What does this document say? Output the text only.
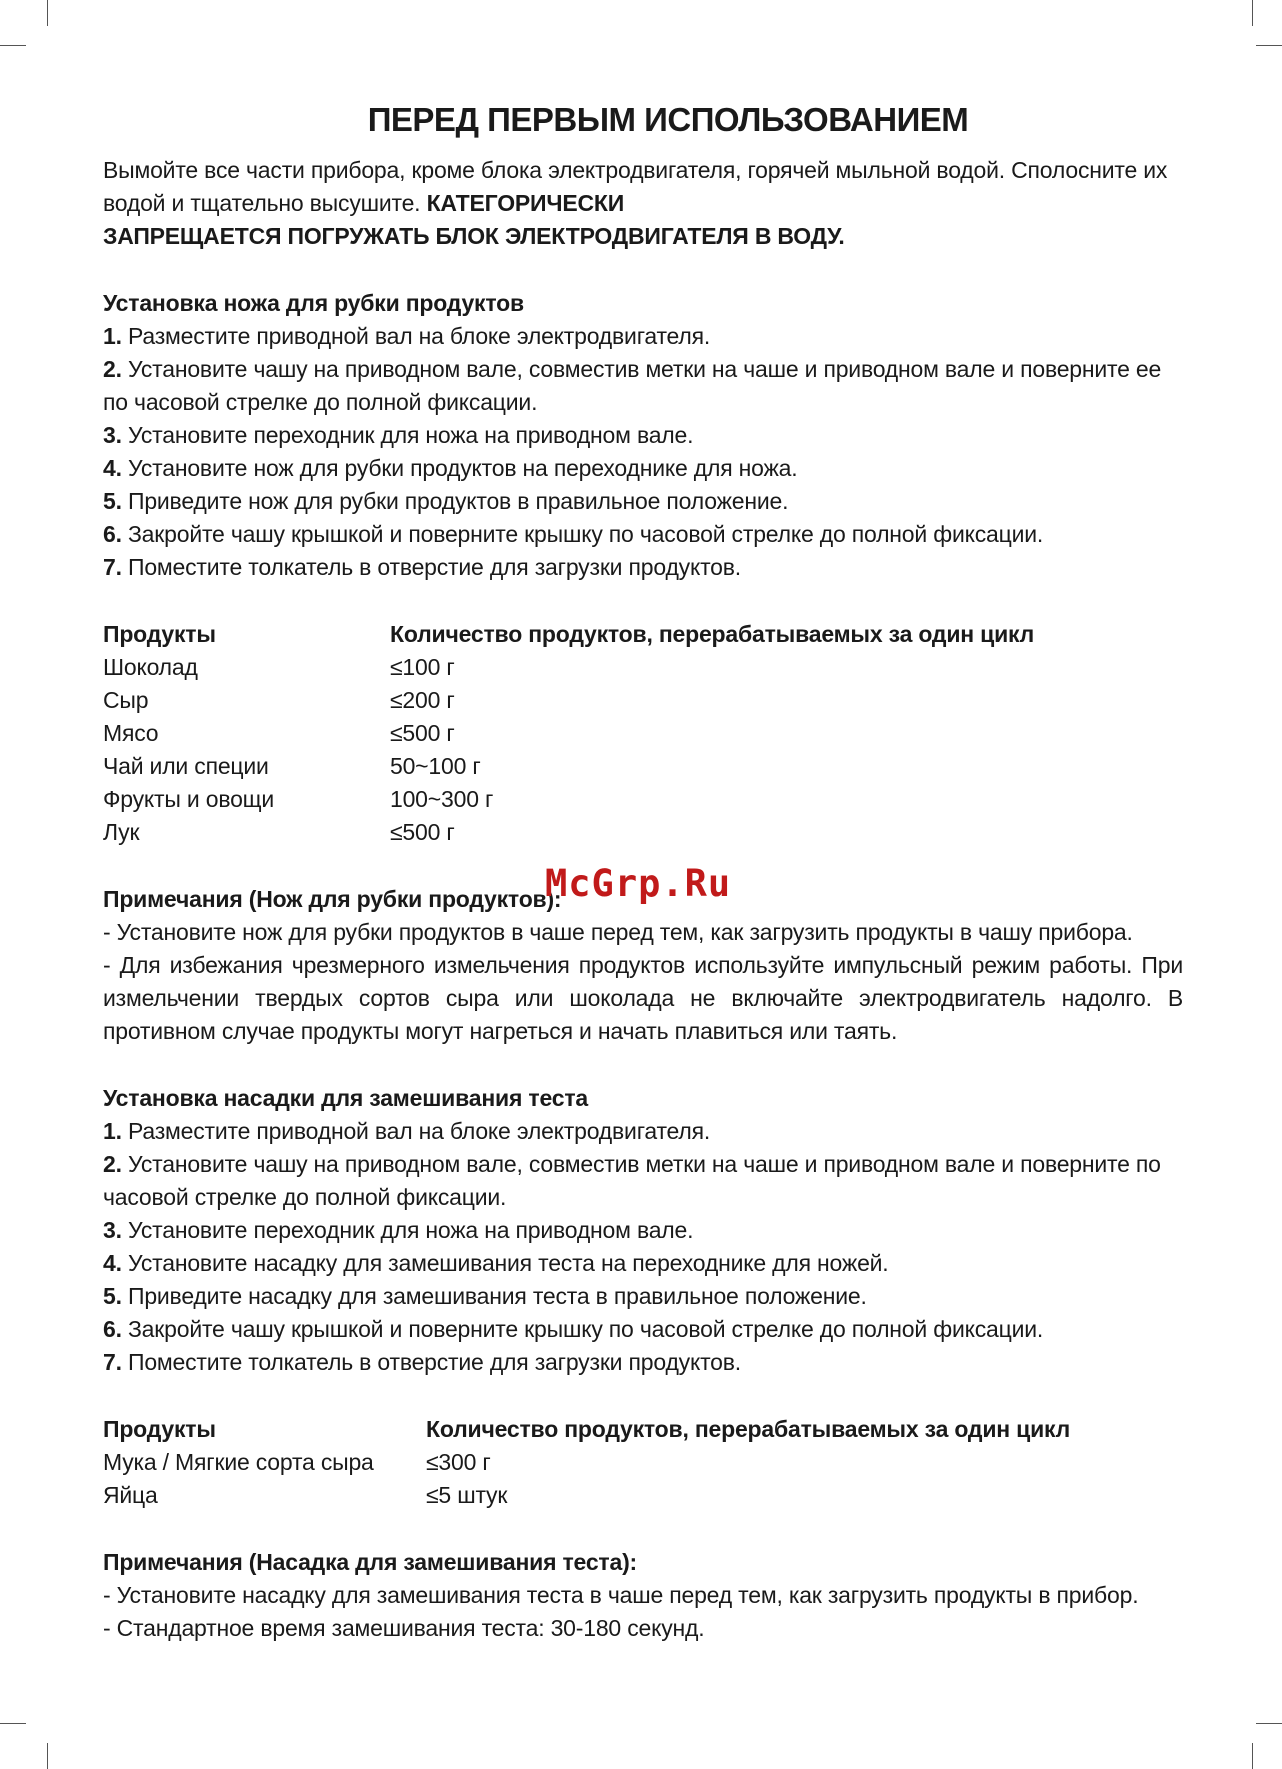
ПЕРЕД ПЕРВЫМ ИСПОЛЬЗОВАНИЕМ

Вымойте все части прибора, кроме блока электродвигателя, горячей мыльной водой. Сполосните их водой и тщательно высушите. КАТЕГОРИЧЕСКИ

ЗАПРЕЩАЕТСЯ ПОГРУЖАТЬ БЛОК ЭЛЕКТРОДВИГАТЕЛЯ В ВОДУ.

Установка ножа для рубки продуктов

1. Разместите приводной вал на блоке электродвигателя.

2. Установите чашу на приводном вале, совместив метки на чаше и приводном вале и поверните ее по часовой стрелке до полной фиксации.

3. Установите переходник для ножа на приводном вале.

4. Установите нож для рубки продуктов на переходнике для ножа.

5. Приведите нож для рубки продуктов в правильное положение.

6. Закройте чашу крышкой и поверните крышку по часовой стрелке до полной фиксации.

7. Поместите толкатель в отверстие для загрузки продуктов.

Продукты	Количество продуктов, перерабатываемых за один цикл
Шоколад	≤100 г
Сыр	≤200 г
Мясо	≤500 г
Чай или специи	50~100 г
Фрукты и овощи	100~300 г
Лук	≤500 г

Примечания (Нож для рубки продуктов):

- Установите нож для рубки продуктов в чаше перед тем, как загрузить продукты в чашу прибора.

- Для избежания чрезмерного измельчения продуктов используйте импульсный режим работы. При измельчении твердых сортов сыра или шоколада не включайте электродвигатель надолго. В противном случае продукты могут нагреться и начать плавиться или таять.

Установка насадки для замешивания теста

1. Разместите приводной вал на блоке электродвигателя.

2. Установите чашу на приводном вале, совместив метки на чаше и приводном вале и поверните по часовой стрелке до полной фиксации.

3. Установите переходник для ножа на приводном вале.

4. Установите насадку для замешивания теста на переходнике для ножей.

5. Приведите насадку для замешивания теста в правильное положение.

6. Закройте чашу крышкой и поверните крышку по часовой стрелке до полной фиксации.

7. Поместите толкатель в отверстие для загрузки продуктов.

Продукты	Количество продуктов, перерабатываемых за один цикл
Мука / Мягкие сорта сыра	≤300 г
Яйца	≤5 штук

Примечания (Насадка для замешивания теста):

- Установите насадку для замешивания теста в чаше перед тем, как загрузить продукты в прибор.

- Стандартное время замешивания теста: 30-180 секунд.

McGrp.Ru
